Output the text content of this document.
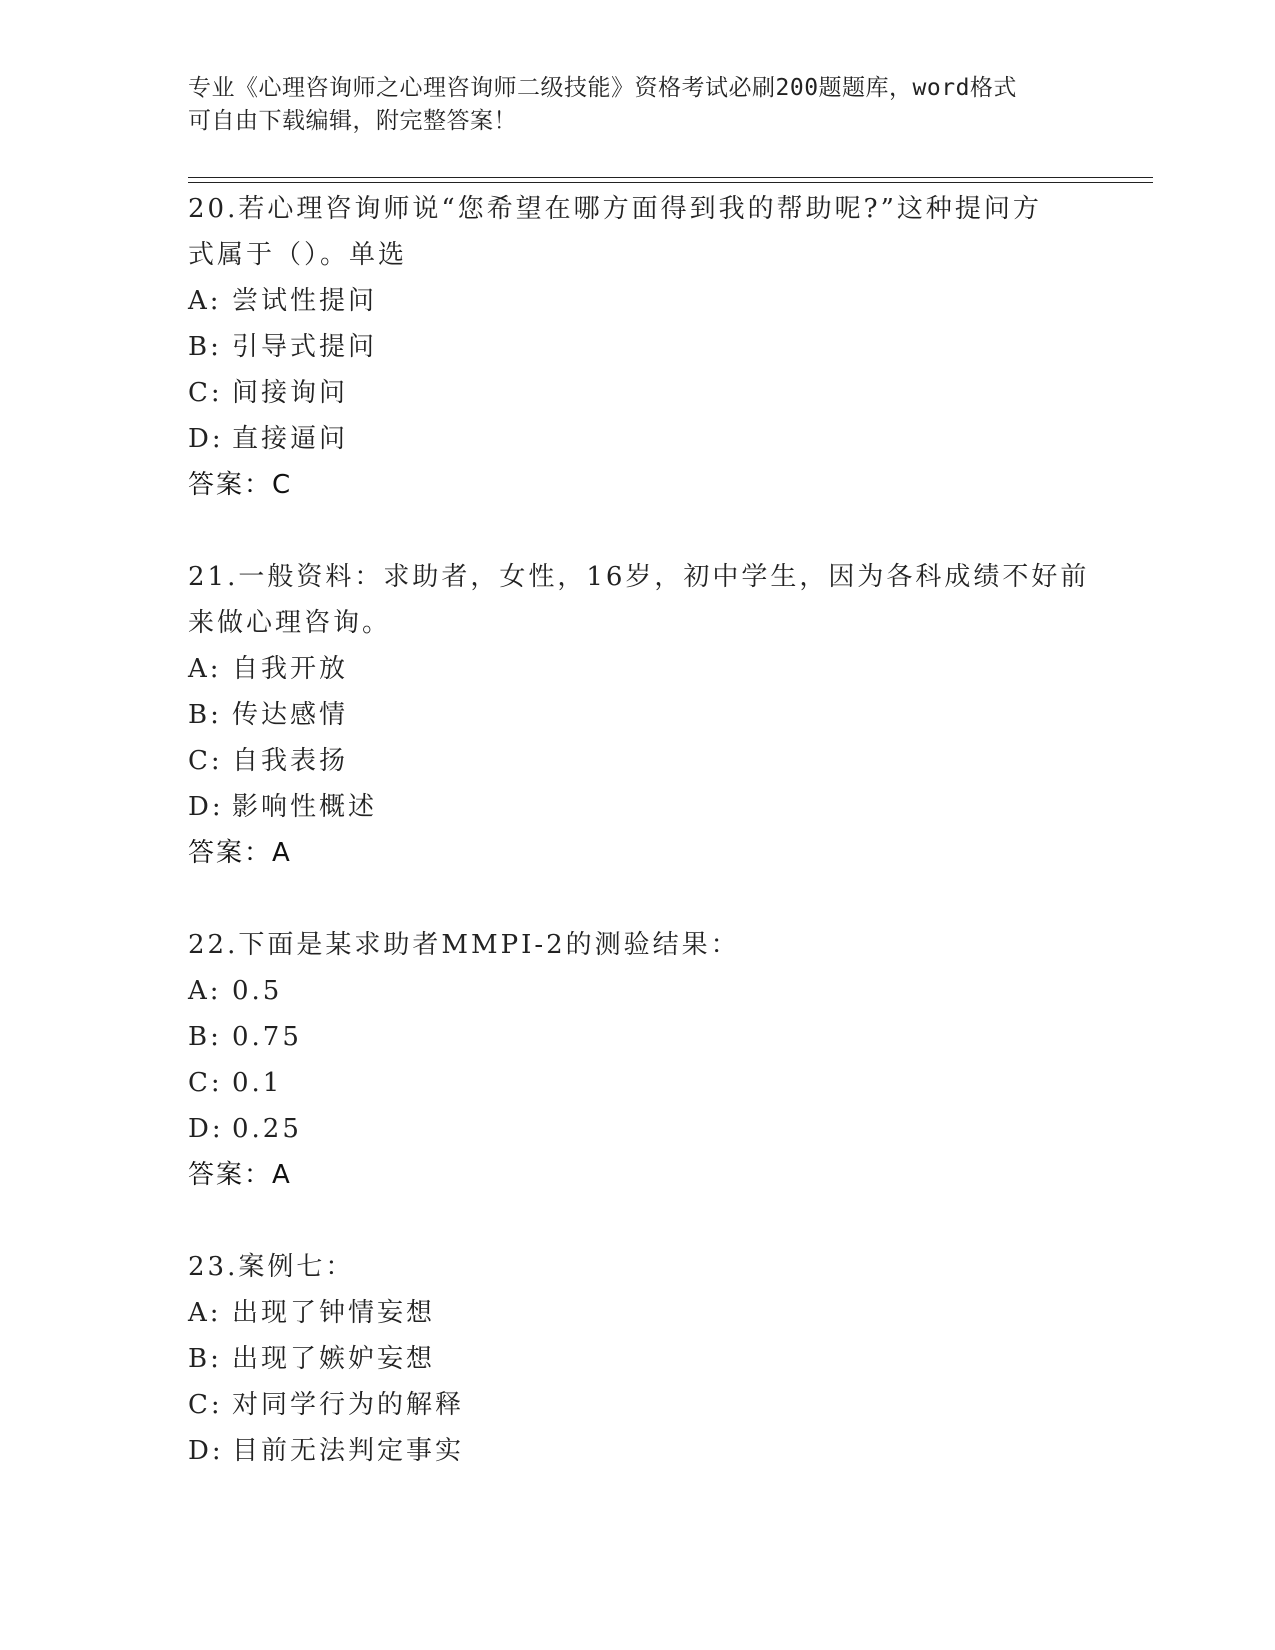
专业《心理咨询师之心理咨询师二级技能》资格考试必刷200题题库，word格式
可自由下载编辑，附完整答案！
20.若心理咨询师说“您希望在哪方面得到我的帮助呢?”这种提问方
式属于（）。单选
A: 尝试性提问
B: 引导式提问
C: 间接询问
D: 直接逼问
答案：C
21.一般资料：求助者，女性，16岁，初中学生，因为各科成绩不好前
来做心理咨询。
A: 自我开放
B: 传达感情
C: 自我表扬
D: 影响性概述
答案：A
22.下面是某求助者MMPI-2的测验结果：
A: 0.5
B: 0.75
C: 0.1
D: 0.25
答案：A
23.案例七：
A: 出现了钟情妄想
B: 出现了嫉妒妄想
C: 对同学行为的解释
D: 目前无法判定事实
